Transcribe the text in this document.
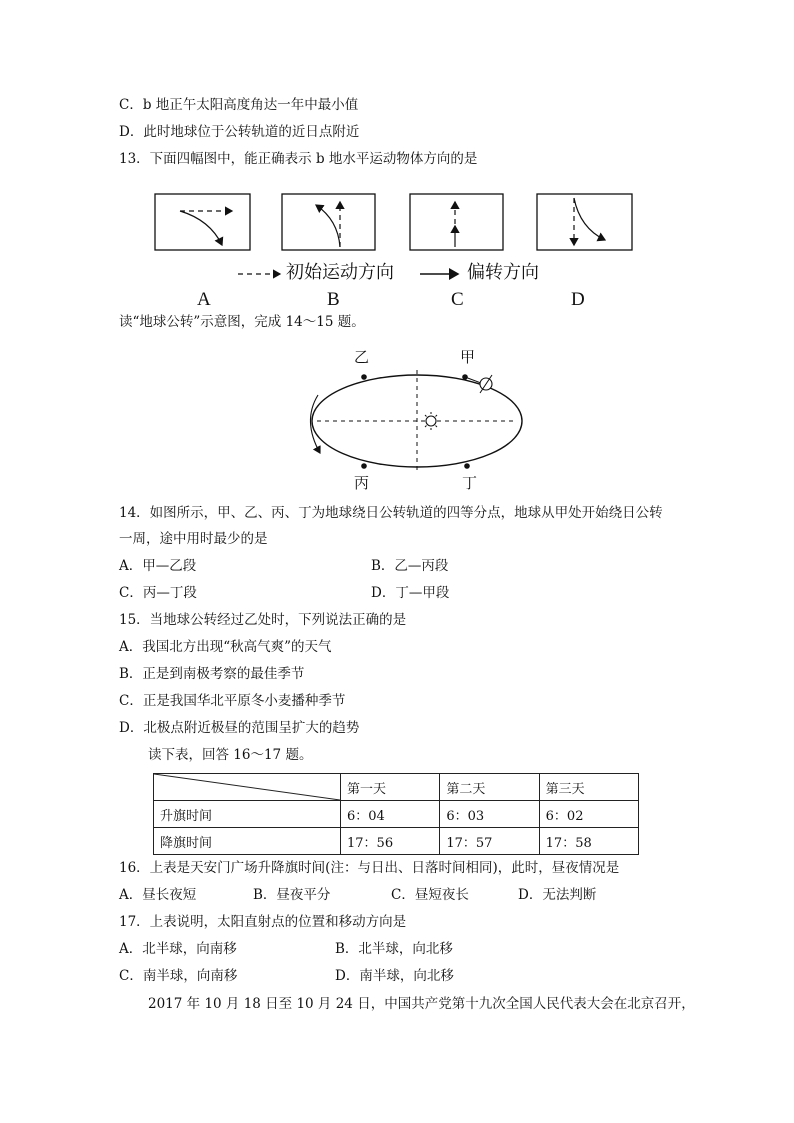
C．b 地正午太阳高度角达一年中最小值
D．此时地球位于公转轨道的近日点附近
13．下面四幅图中，能正确表示 b 地水平运动物体方向的是
初始运动方向	偏转方向
A	B	C	D
读“地球公转”示意图，完成 14～15 题。
乙	甲
丙	丁
14．如图所示，甲、乙、丙、丁为地球绕日公转轨道的四等分点，地球从甲处开始绕日公转
一周，途中用时最少的是
A．甲—乙段	B．乙—丙段
C．丙—丁段	D．丁—甲段
15．当地球公转经过乙处时，下列说法正确的是
A．我国北方出现“秋高气爽”的天气
B．正是到南极考察的最佳季节
C．正是我国华北平原冬小麦播种季节
D．北极点附近极昼的范围呈扩大的趋势
读下表，回答 16～17 题。
	第一天	第二天	第三天
升旗时间	6：04	6：03	6：02
降旗时间	17：56	17：57	17：58
16．上表是天安门广场升降旗时间(注：与日出、日落时间相同)，此时，昼夜情况是
A．昼长夜短	B．昼夜平分	C．昼短夜长	D．无法判断
17．上表说明，太阳直射点的位置和移动方向是
A．北半球，向南移	B．北半球，向北移
C．南半球，向南移	D．南半球，向北移
2017 年 10 月 18 日至 10 月 24 日，中国共产党第十九次全国人民代表大会在北京召开，
